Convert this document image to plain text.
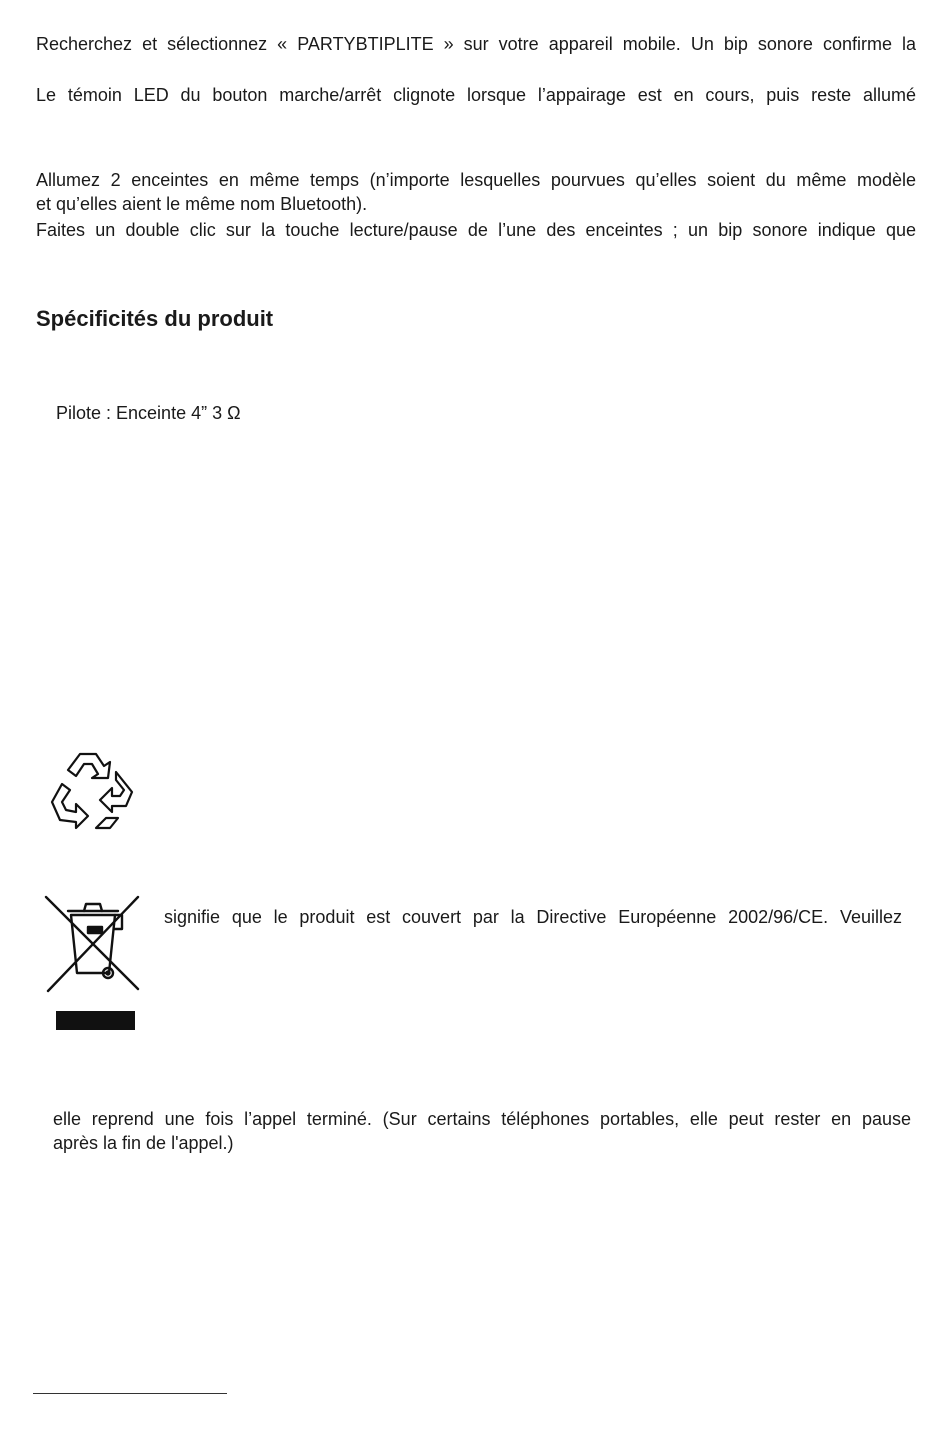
Recherchez et sélectionnez « PARTYBTIPLITE » sur votre appareil mobile. Un bip sonore confirme la
Le témoin LED du bouton marche/arrêt clignote lorsque l’appairage est en cours, puis reste allumé
Allumez 2 enceintes en même temps (n’importe lesquelles pourvues qu’elles soient du même modèle
et qu’elles aient le même nom Bluetooth).
Faites un double clic sur la touche lecture/pause de l’une des enceintes ; un bip sonore indique que
Spécificités du produit
Pilote : Enceinte 4” 3 Ω
signifie que le produit est couvert par la Directive Européenne 2002/96/CE. Veuillez
elle reprend une fois l’appel terminé. (Sur certains téléphones portables, elle peut rester en pause
après la fin de l'appel.)
